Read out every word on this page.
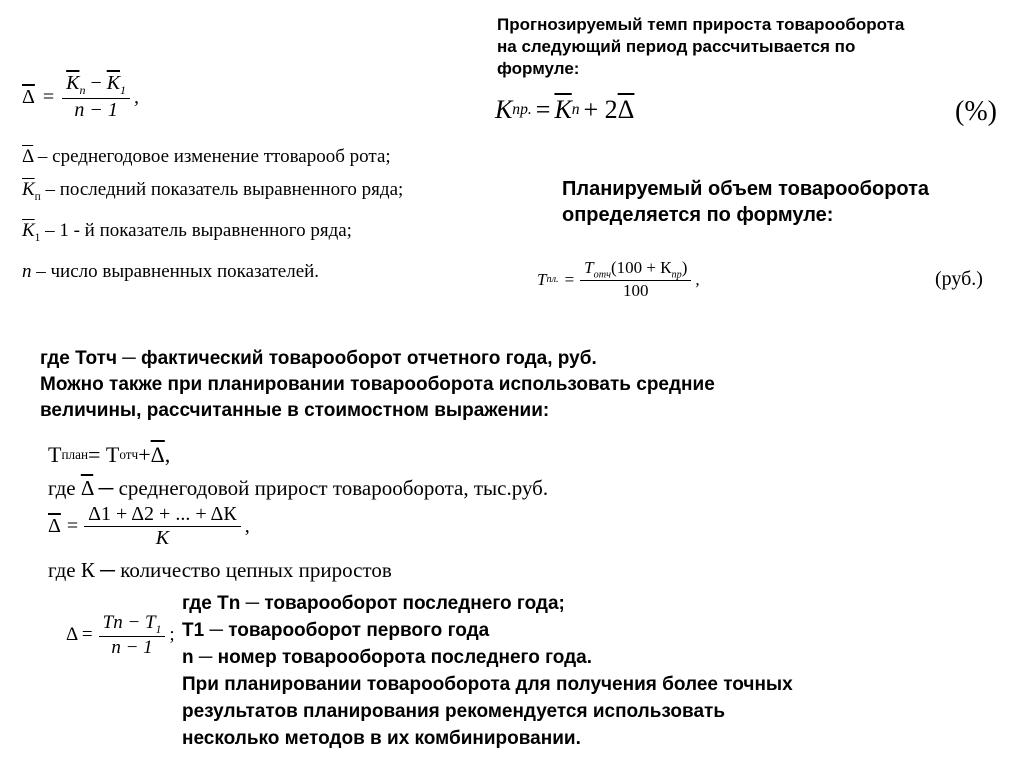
Прогнозируемый темп прироста товарооборота
на следующий период рассчитывается по
формуле:
К пр. = К п + 2 $\overline{\Delta}$	(%)
$\overline{\Delta} = \frac{К_п - К_1}{n - 1}$ ,
$\overline{\Delta}$ – среднегодовое изменение ттоварооб рота;
$К_п$ – последний показатель выравненного ряда;
$К_1 - 1$ - й показатель выравненного ряда;
n – число выравненных показателей.
Планируемый объем товарооборота
определяется по формуле:
Т пл. = $\frac{Т_{отч}(100 + К_{пр})}{100}$ ,	(руб.)
где Тотч ─ фактический товарооборот отчетного года, руб.
Можно также при планировании товарооборота использовать средние
величины, рассчитанные в стоимостном выражении:
Т план = Т отч + $\overline{\Delta}$ ,
где $\overline{\Delta}$ ─ среднегодовой прирост товарооборота, тыс.руб.
$\overline{\Delta} = \frac{\Delta 1 + \Delta 2 + ... + \Delta К}{К}$ ,
где К ─ количество цепных приростов
$\Delta = \frac{Tn - T_1}{n - 1}$ ;
где Tn ─ товарооборот последнего года;
Т1 ─ товарооборот первого года
n ─ номер товарооборота последнего года.
При планировании товарооборота для получения более точных
результатов планирования рекомендуется использовать
несколько методов в их комбинировании.
